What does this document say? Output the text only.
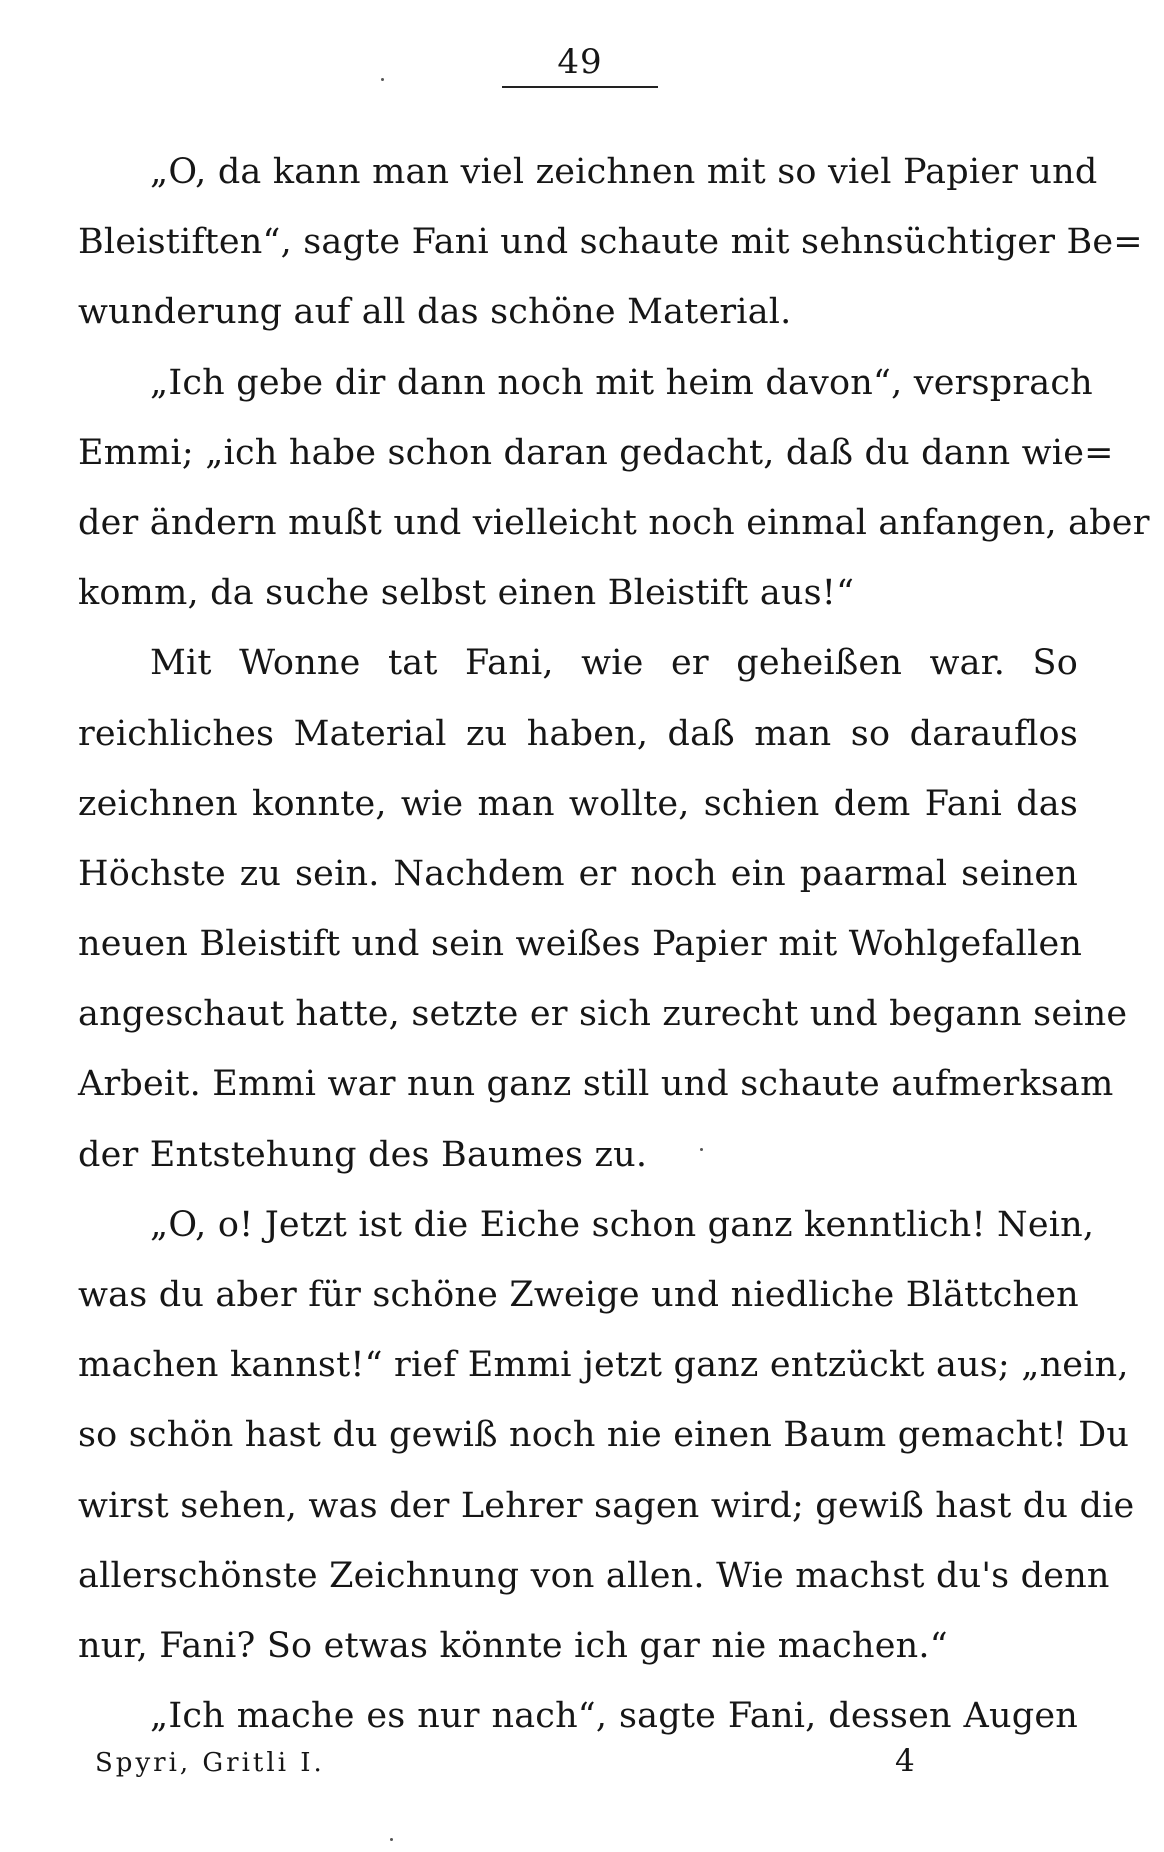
49
„O, da kann man viel zeichnen mit so viel Papier und
Bleistiften“, sagte Fani und schaute mit sehnsüchtiger Be=
wunderung auf all das schöne Material.
„Ich gebe dir dann noch mit heim davon“, versprach
Emmi; „ich habe schon daran gedacht, daß du dann wie=
der ändern mußt und vielleicht noch einmal anfangen, aber
komm, da suche selbst einen Bleistift aus!“
Mit Wonne tat Fani, wie er geheißen war. So
reichliches Material zu haben, daß man so darauflos
zeichnen konnte, wie man wollte, schien dem Fani das
Höchste zu sein. Nachdem er noch ein paarmal seinen
neuen Bleistift und sein weißes Papier mit Wohlgefallen
angeschaut hatte, setzte er sich zurecht und begann seine
Arbeit. Emmi war nun ganz still und schaute aufmerksam
der Entstehung des Baumes zu.
„O, o! Jetzt ist die Eiche schon ganz kenntlich! Nein,
was du aber für schöne Zweige und niedliche Blättchen
machen kannst!“ rief Emmi jetzt ganz entzückt aus; „nein,
so schön hast du gewiß noch nie einen Baum gemacht! Du
wirst sehen, was der Lehrer sagen wird; gewiß hast du die
allerschönste Zeichnung von allen. Wie machst du's denn
nur, Fani? So etwas könnte ich gar nie machen.“
„Ich mache es nur nach“, sagte Fani, dessen Augen
Spyri, Gritli I.	4
